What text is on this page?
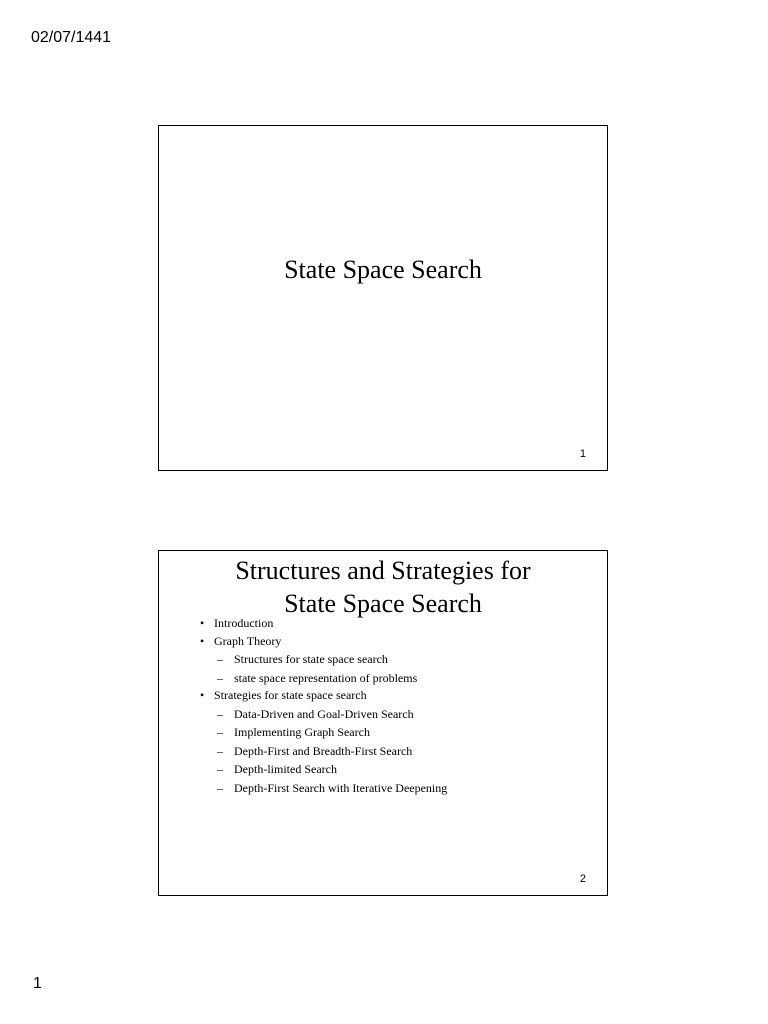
02/07/1441
State Space Search
1
Structures and Strategies for
State Space Search
• Introduction
• Graph Theory
– Structures for state space search
– state space representation of problems
• Strategies for state space search
– Data-Driven and Goal-Driven Search
– Implementing Graph Search
– Depth-First and Breadth-First Search
– Depth-limited Search
– Depth-First Search with Iterative Deepening
2
1
